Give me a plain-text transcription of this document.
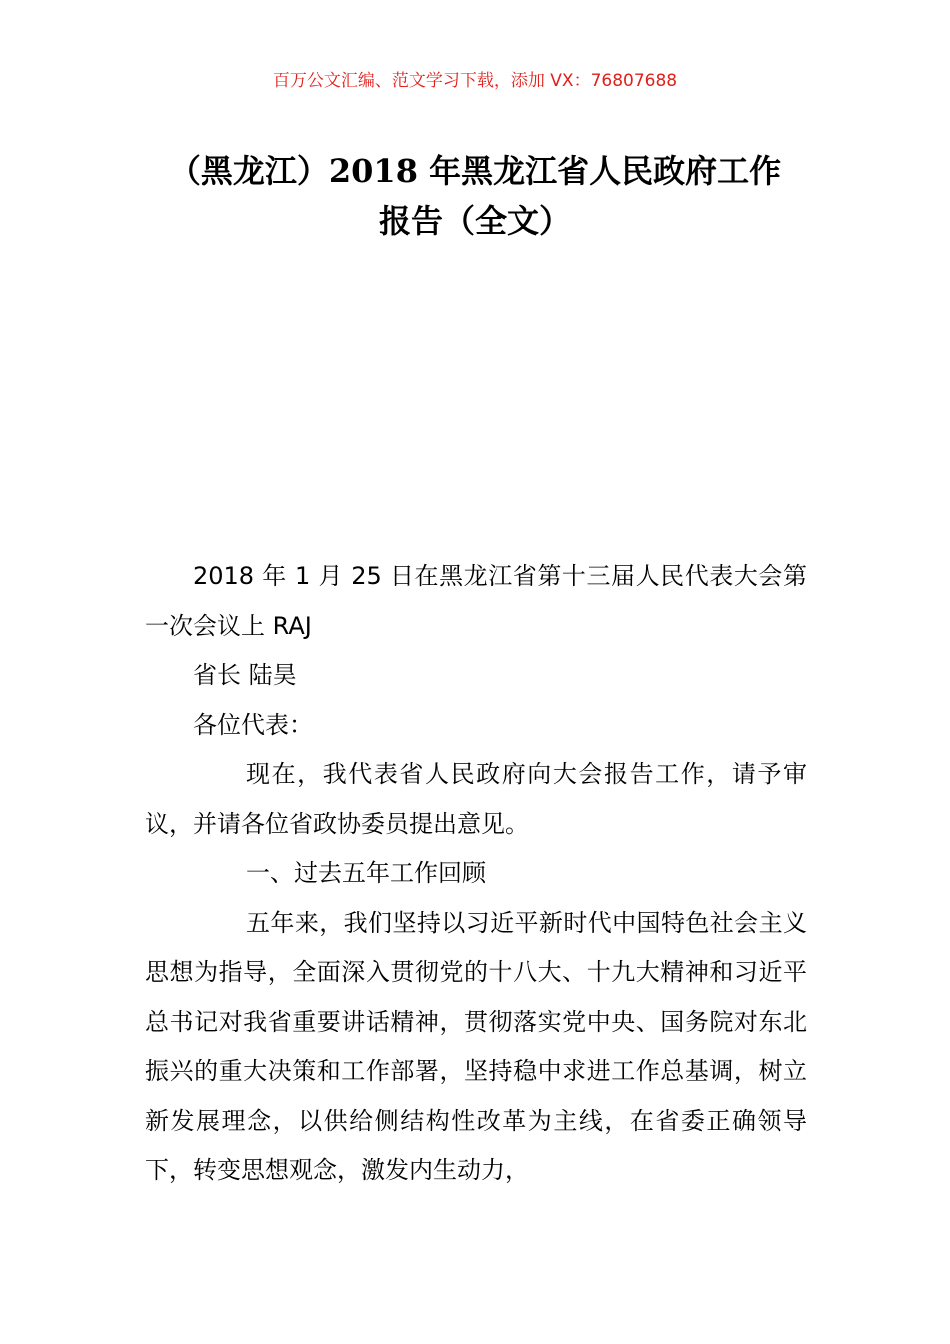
百万公文汇编、范文学习下载，添加 VX：76807688
（黑龙江）2018 年黑龙江省人民政府工作
报告（全文）

2018 年 1 月 25 日在黑龙江省第十三届人民代表大会第一次会议上 RAJ

省长 陆昊

各位代表：

现在，我代表省人民政府向大会报告工作，请予审议，并请各位省政协委员提出意见。

一、过去五年工作回顾

五年来，我们坚持以习近平新时代中国特色社会主义思想为指导，全面深入贯彻党的十八大、十九大精神和习近平总书记对我省重要讲话精神，贯彻落实党中央、国务院对东北振兴的重大决策和工作部署，坚持稳中求进工作总基调，树立新发展理念，以供给侧结构性改革为主线，在省委正确领导下，转变思想观念，激发内生动力，
